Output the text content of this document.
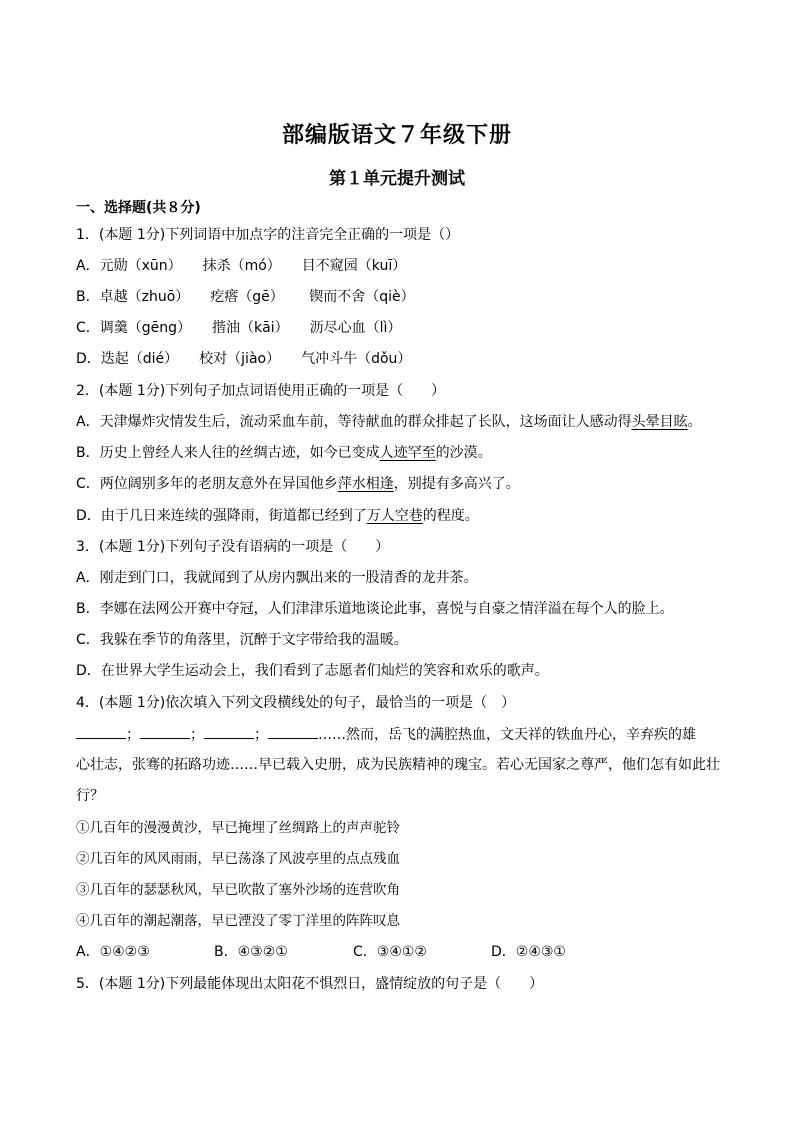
部编版语文７年级下册
第１单元提升测试
一、选择题(共８分)
1．(本题 1分)下列词语中加点字的注音完全正确的一项是（）
A．元勋（xūn）　　抹杀（mó）　　目不窥园（kuī）
B．卓越（zhuō）　　疙瘩（gē）　　 锲而不舍（qiè）
C．调羹（gēng）　　揩油（kāi）　　沥尽心血（lì）
D．迭起（dié）　　校对（jiào）　　气冲斗牛（dǒu）
2．(本题 1分)下列句子加点词语使用正确的一项是（　　）
A．天津爆炸灾情发生后，流动采血车前，等待献血的群众排起了长队，这场面让人感动得头晕目眩。
B．历史上曾经人来人往的丝绸古迹，如今已变成人迹罕至的沙漠。
C．两位阔别多年的老朋友意外在异国他乡萍水相逢，别提有多高兴了。
D．由于几日来连续的强降雨，街道都已经到了万人空巷的程度。
3．(本题 1分)下列句子没有语病的一项是（　　）
A．刚走到门口，我就闻到了从房内飘出来的一股清香的龙井茶。
B．李娜在法网公开赛中夺冠，人们津津乐道地谈论此事，喜悦与自豪之情洋溢在每个人的脸上。
C．我躲在季节的角落里，沉醉于文字带给我的温暖。
D．在世界大学生运动会上，我们看到了志愿者们灿烂的笑容和欢乐的歌声。
4．(本题 1分)依次填入下列文段横线处的句子，最恰当的一项是（　）
；	；	；	……然而，岳飞的满腔热血，文天祥的铁血丹心，辛弃疾的雄
心壮志，张骞的拓路功迹……早已载入史册，成为民族精神的瑰宝。若心无国家之尊严，他们怎有如此壮
行？
①几百年的漫漫黄沙，早已掩埋了丝绸路上的声声驼铃
②几百年的风风雨雨，早已荡涤了风波亭里的点点残血
③几百年的瑟瑟秋风，早已吹散了塞外沙场的连营吹角
④几百年的潮起潮落，早已湮没了零丁洋里的阵阵叹息
A．①④②③	B．④③②①	C．③④①②	D．②④③①
5．(本题 1分)下列最能体现出太阳花不惧烈日，盛情绽放的句子是（　　）
